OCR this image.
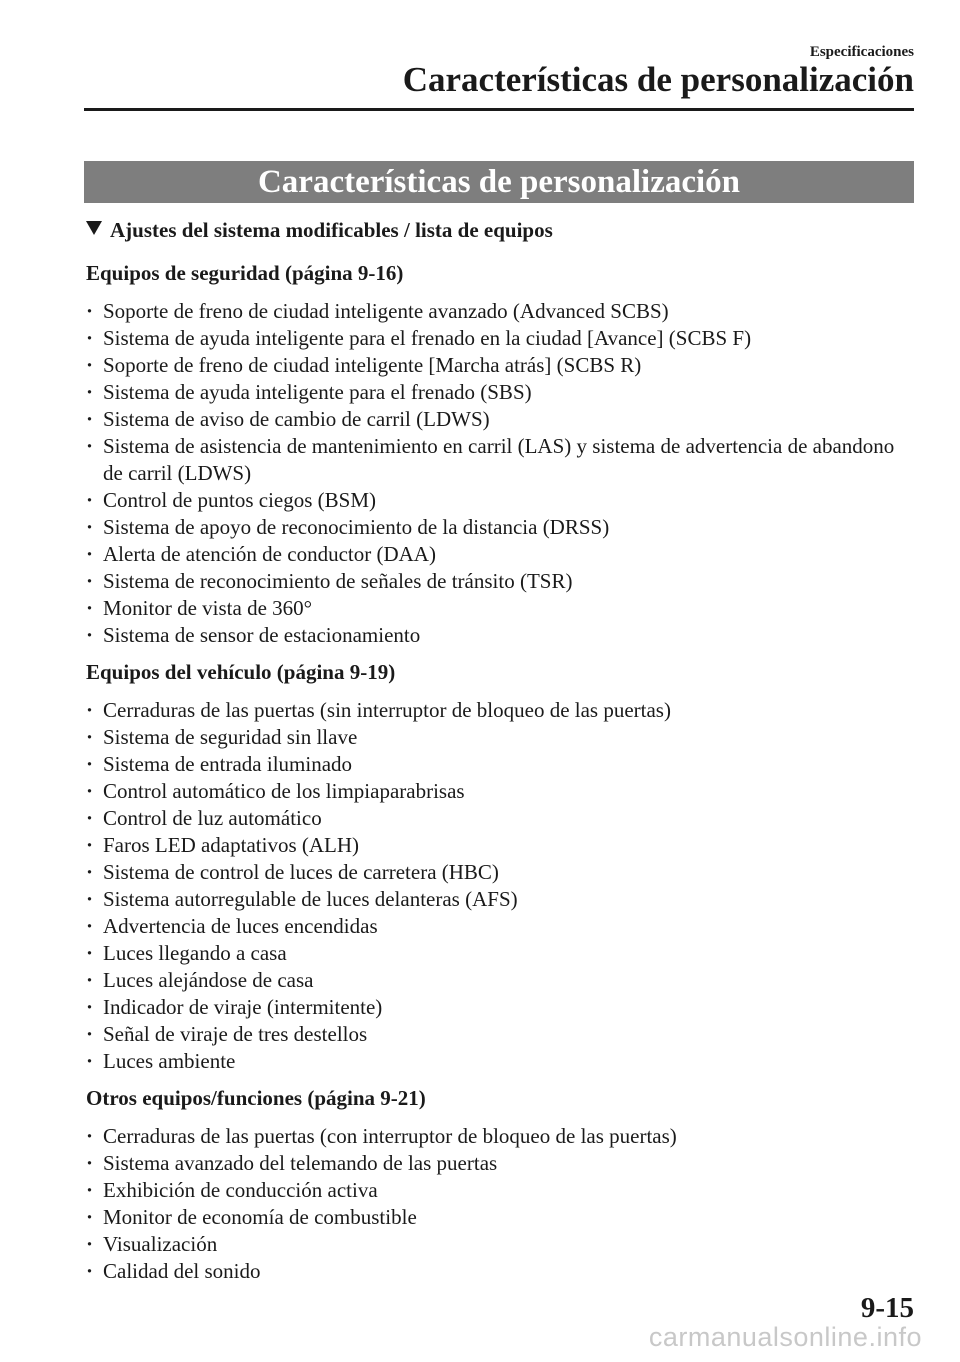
Especificaciones
Características de personalización
Características de personalización
Ajustes del sistema modificables / lista de equipos
Equipos de seguridad (página 9-16)
· Soporte de freno de ciudad inteligente avanzado (Advanced SCBS)
· Sistema de ayuda inteligente para el frenado en la ciudad [Avance] (SCBS F)
· Soporte de freno de ciudad inteligente [Marcha atrás] (SCBS R)
· Sistema de ayuda inteligente para el frenado (SBS)
· Sistema de aviso de cambio de carril (LDWS)
· Sistema de asistencia de mantenimiento en carril (LAS) y sistema de advertencia de abandono de carril (LDWS)
· Control de puntos ciegos (BSM)
· Sistema de apoyo de reconocimiento de la distancia (DRSS)
· Alerta de atención de conductor (DAA)
· Sistema de reconocimiento de señales de tránsito (TSR)
· Monitor de vista de 360°
· Sistema de sensor de estacionamiento
Equipos del vehículo (página 9-19)
· Cerraduras de las puertas (sin interruptor de bloqueo de las puertas)
· Sistema de seguridad sin llave
· Sistema de entrada iluminado
· Control automático de los limpiaparabrisas
· Control de luz automático
· Faros LED adaptativos (ALH)
· Sistema de control de luces de carretera (HBC)
· Sistema autorregulable de luces delanteras (AFS)
· Advertencia de luces encendidas
· Luces llegando a casa
· Luces alejándose de casa
· Indicador de viraje (intermitente)
· Señal de viraje de tres destellos
· Luces ambiente
Otros equipos/funciones (página 9-21)
· Cerraduras de las puertas (con interruptor de bloqueo de las puertas)
· Sistema avanzado del telemando de las puertas
· Exhibición de conducción activa
· Monitor de economía de combustible
· Visualización
· Calidad del sonido
9-15
carmanualsonline.info
